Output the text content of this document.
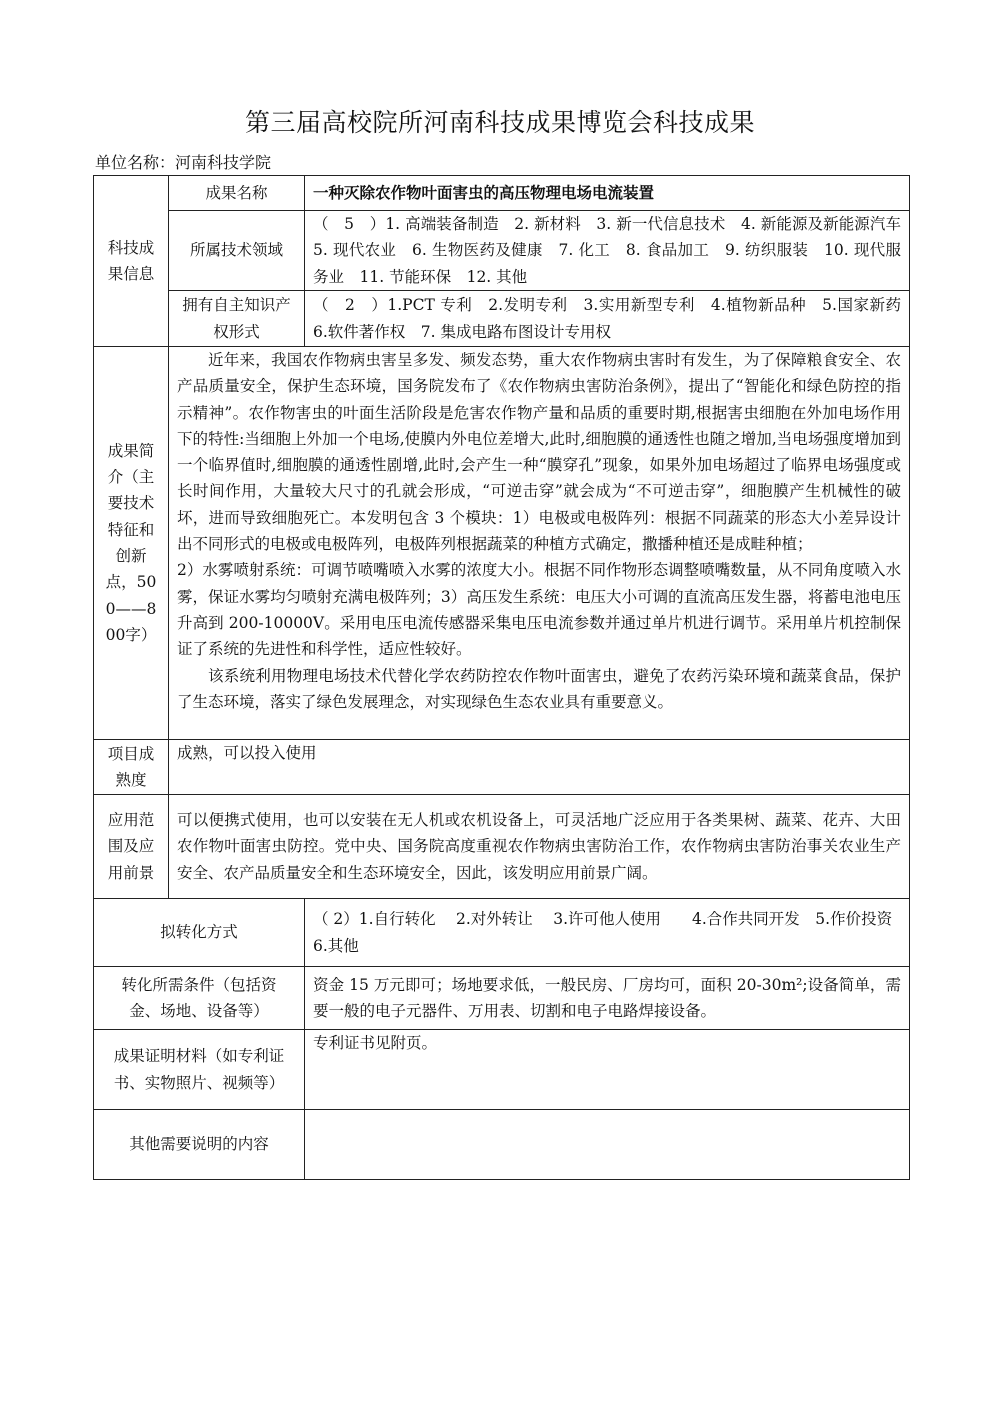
第三届高校院所河南科技成果博览会科技成果
单位名称：河南科技学院
科技成果信息	成果名称	一种灭除农作物叶面害虫的高压物理电场电流装置
	所属技术领域	（　5　）1. 高端装备制造　2. 新材料　3. 新一代信息技术　4. 新能源及新能源汽车　5. 现代农业　6. 生物医药及健康　7. 化工　8. 食品加工　9. 纺织服装　10. 现代服务业　11. 节能环保　12. 其他

	拥有自主知识产权形式	（　2　）1.PCT 专利　2.发明专利　3.实用新型专利　4.植物新品种　5.国家新药　6.软件著作权　7. 集成电路布图设计专用权

成果简介（主要技术特征和创新点，500——800字）	近年来，我国农作物病虫害呈多发、频发态势，重大农作物病虫害时有发生，为了保障粮食安全、农产品质量安全，保护生态环境，国务院发布了《农作物病虫害防治条例》，提出了“智能化和绿色防控的指示精神”。农作物害虫的叶面生活阶段是危害农作物产量和品质的重要时期,根据害虫细胞在外加电场作用下的特性:当细胞上外加一个电场,使膜内外电位差增大,此时,细胞膜的通透性也随之增加,当电场强度增加到一个临界值时,细胞膜的通透性剧增,此时,会产生一种“膜穿孔”现象，如果外加电场超过了临界电场强度或长时间作用，大量较大尺寸的孔就会形成，“可逆击穿”就会成为“不可逆击穿”，细胞膜产生机械性的破坏，进而导致细胞死亡。本发明包含 3 个模块：1）电极或电极阵列：根据不同蔬菜的形态大小差异设计出不同形式的电极或电极阵列，电极阵列根据蔬菜的种植方式确定，撒播种植还是成畦种植；

2）水雾喷射系统：可调节喷嘴喷入水雾的浓度大小。根据不同作物形态调整喷嘴数量，从不同角度喷入水雾，保证水雾均匀喷射充满电极阵列；3）高压发生系统：电压大小可调的直流高压发生器，将蓄电池电压升高到 200-10000V。采用电压电流传感器采集电压电流参数并通过单片机进行调节。采用单片机控制保证了系统的先进性和科学性，适应性较好。

该系统利用物理电场技术代替化学农药防控农作物叶面害虫，避免了农药污染环境和蔬菜食品，保护了生态环境，落实了绿色发展理念，对实现绿色生态农业具有重要意义。	

项目成熟度	成熟，可以投入使用	

应用范围及应用前景	可以便携式使用，也可以安装在无人机或农机设备上，可灵活地广泛应用于各类果树、蔬菜、花卉、大田农作物叶面害虫防控。党中央、国务院高度重视农作物病虫害防治工作，农作物病虫害防治事关农业生产安全、农产品质量安全和生态环境安全，因此，该发明应用前景广阔。	
拟转化方式		（ 2）1.自行转化　 2.对外转让　 3.许可他人使用　　4.合作共同开发　5.作价投资　 6.其他

转化所需条件（包括资金、场地、设备等）		资金 15 万元即可；场地要求低，一般民房、厂房均可，面积 20-30m²;设备简单，需要一般的电子元器件、万用表、切割和电子电路焊接设备。

成果证明材料（如专利证书、实物照片、视频等）		专利证书见附页。
其他需要说明的内容		
